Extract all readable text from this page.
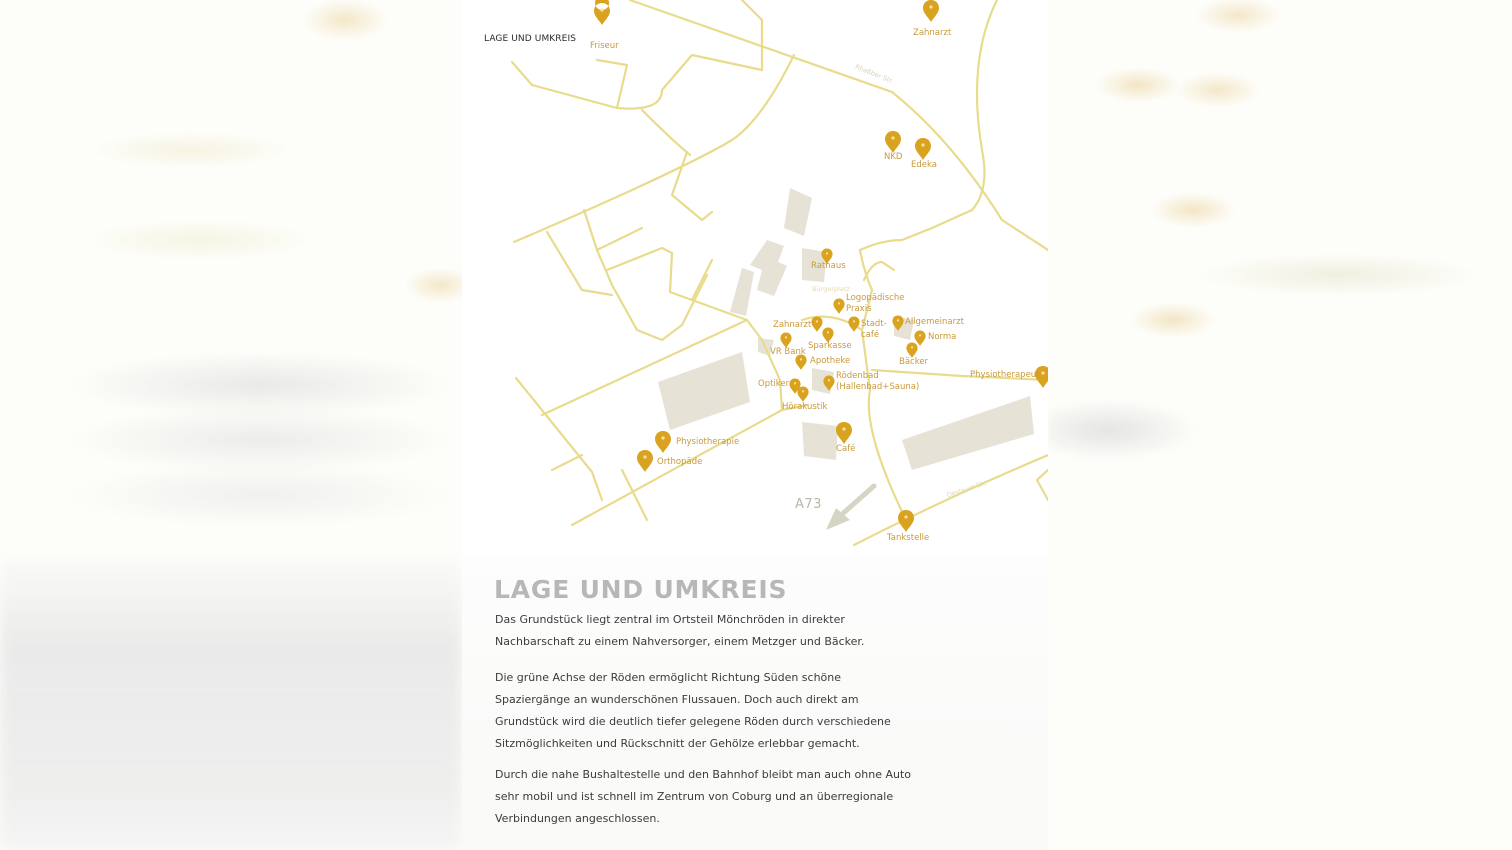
LAGE UND UMKREIS
Rhaßber Str.
Oeslauer Str.
Bürgerplatz
Friseur
Zahnarzt
NKD
Edeka
Rathaus
Logopädische Praxis
Zahnarzt	Stadt-café
Allgemeinarzt
Sparkasse
Norma
VR Bank
Apotheke	Bäcker
Rödenbad (Hallenbad+Sauna)
Physiotherapeut
Optiker
Hörakustik
Physiotherapie
Café
Orthopäde
Tankstelle
A73
LAGE UND UMKREIS
Das Grundstück liegt zentral im Ortsteil Mönchröden in direkter Nachbarschaft zu einem Nahversorger, einem Metzger und Bäcker.
Die grüne Achse der Röden ermöglicht Richtung Süden schöne Spaziergänge an wunderschönen Flussauen. Doch auch direkt am Grundstück wird die deutlich tiefer gelegene Röden durch verschiedene Sitzmöglichkeiten und Rückschnitt der Gehölze erlebbar gemacht.
Durch die nahe Bushaltestelle und den Bahnhof bleibt man auch ohne Auto sehr mobil und ist schnell im Zentrum von Coburg und an überregionale Verbindungen angeschlossen.
